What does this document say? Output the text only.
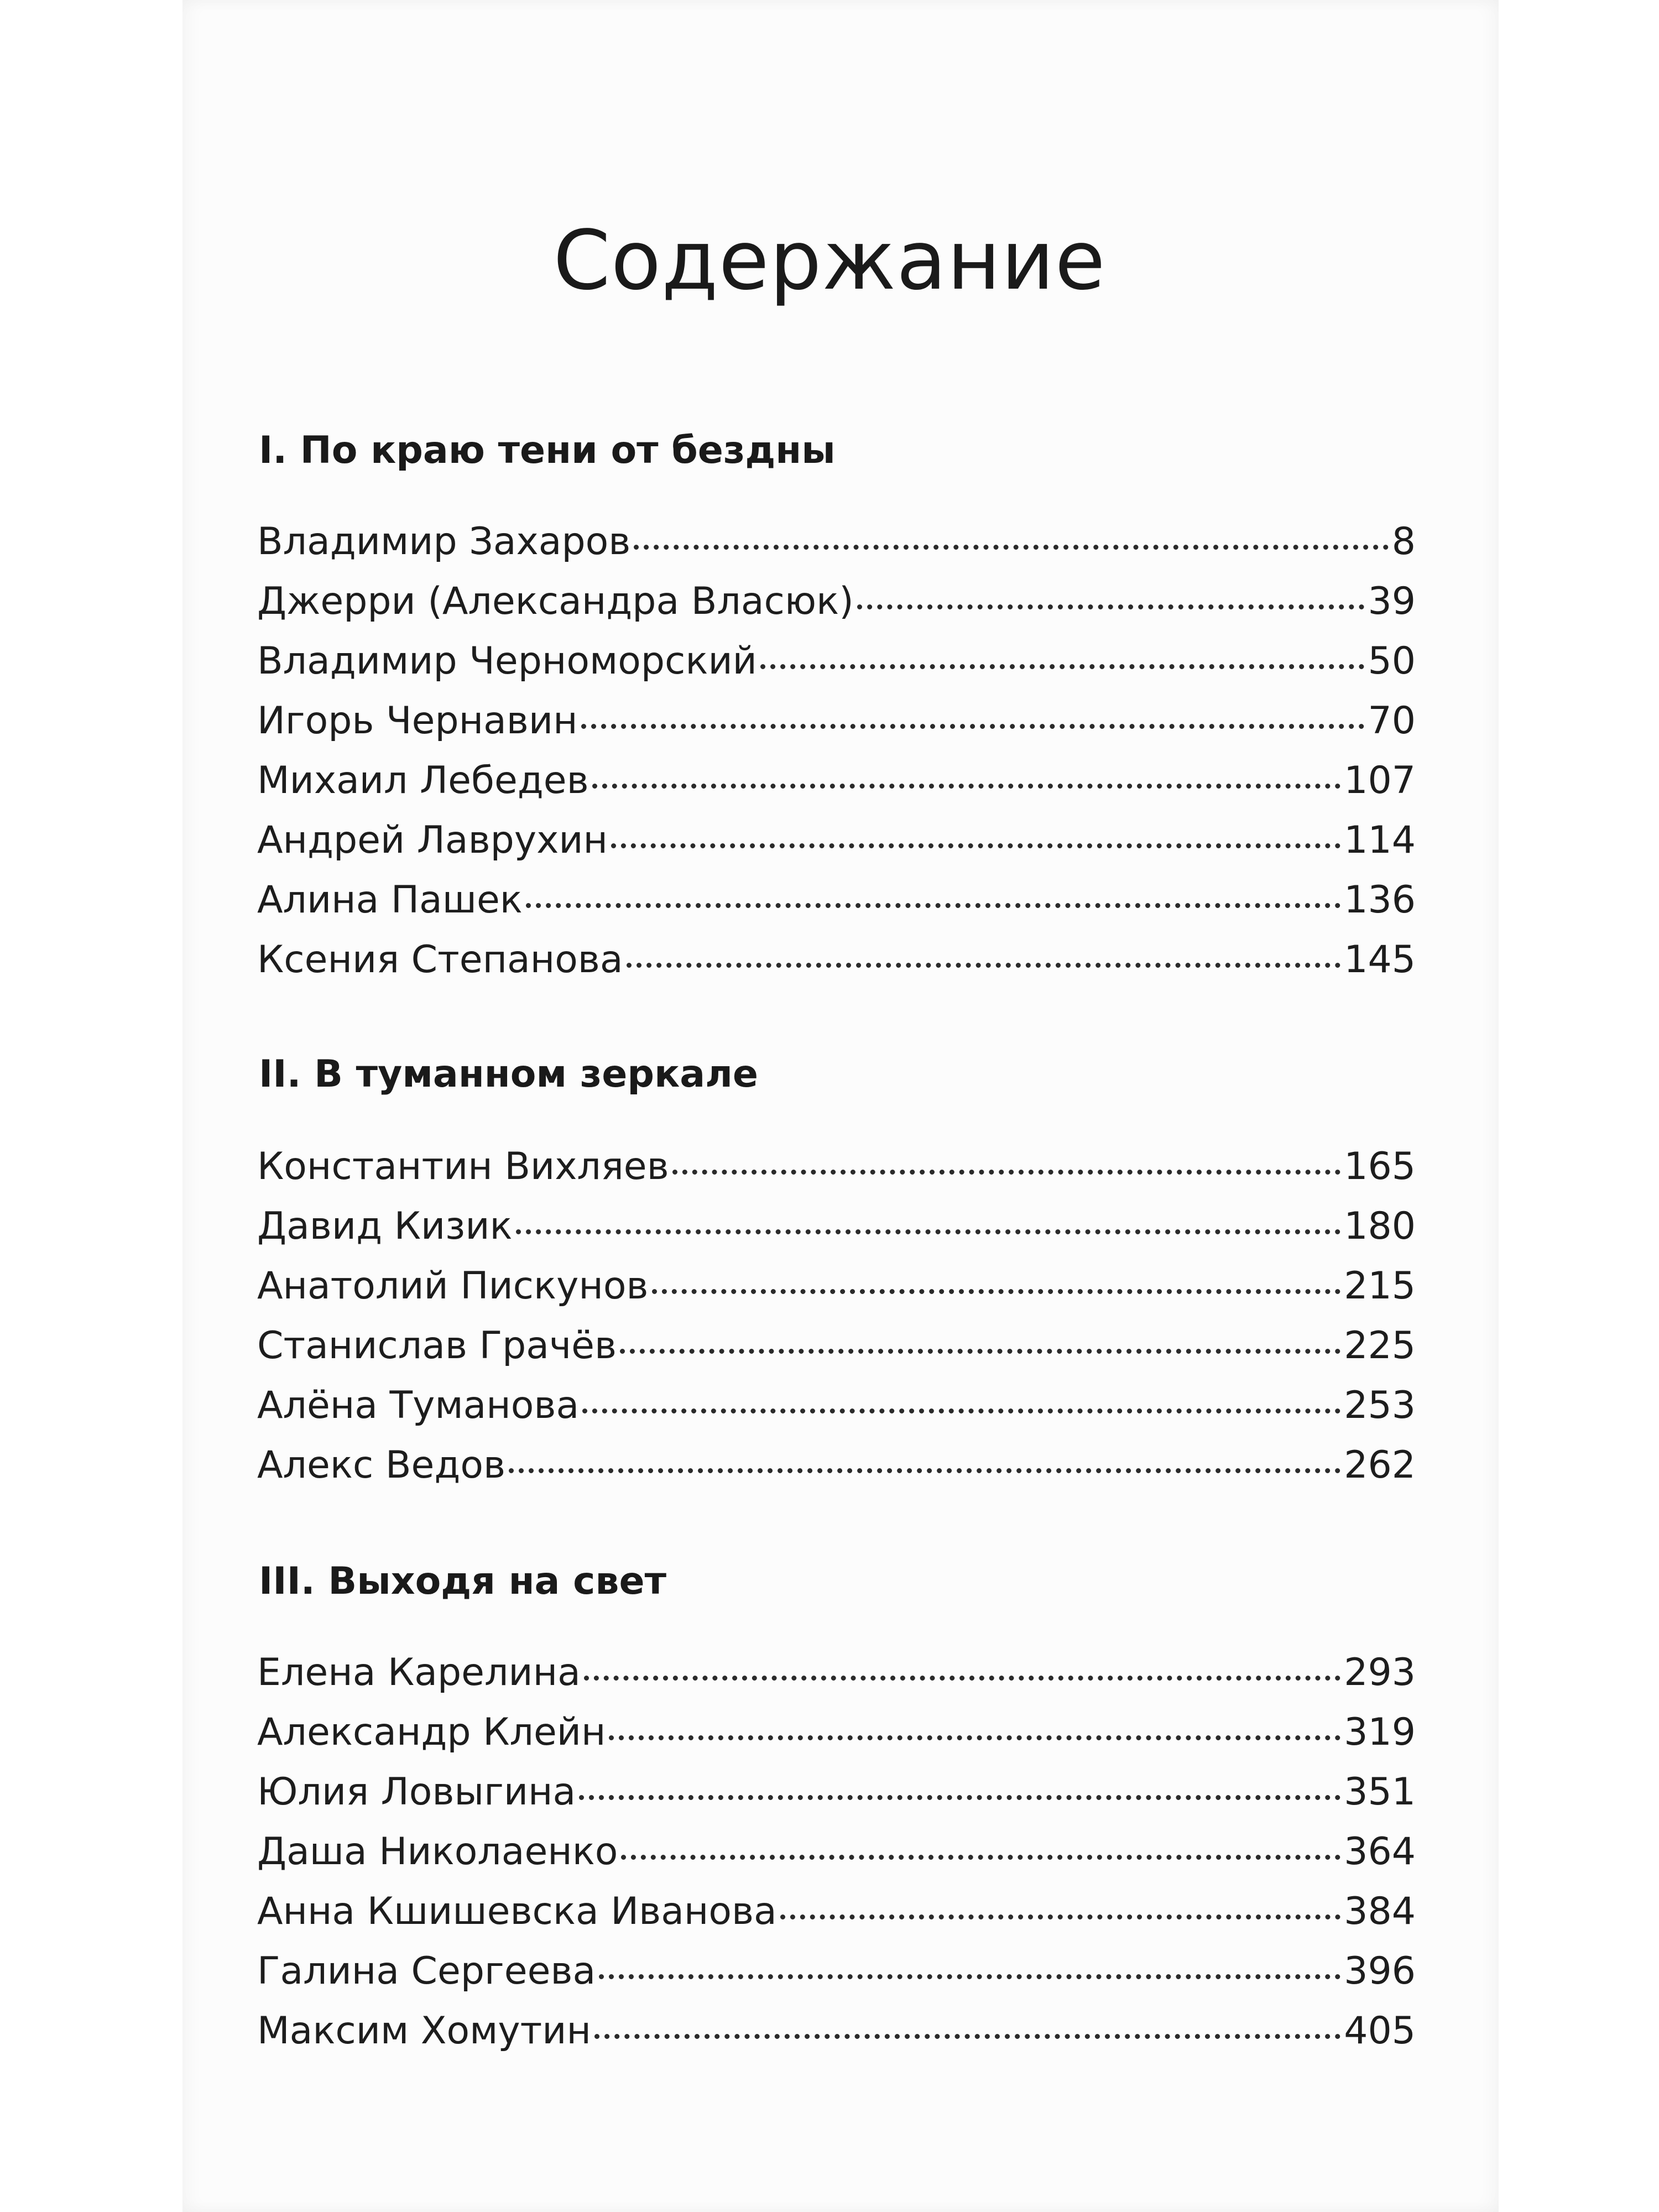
Содержание
I. По краю тени от бездны
Владимир Захаров	8
Джерри (Александра Власюк)	39
Владимир Черноморский	50
Игорь Чернавин	70
Михаил Лебедев	107
Андрей Лаврухин	114
Алина Пашек	136
Ксения Степанова	145
II. В туманном зеркале
Константин Вихляев	165
Давид Кизик	180
Анатолий Пискунов	215
Станислав Грачёв	225
Алёна Туманова	253
Алекс Ведов	262
III. Выходя на свет
Елена Карелина	293
Александр Клейн	319
Юлия Ловыгина	351
Даша Николаенко	364
Анна Кшишевска Иванова	384
Галина Сергеева	396
Максим Хомутин	405
